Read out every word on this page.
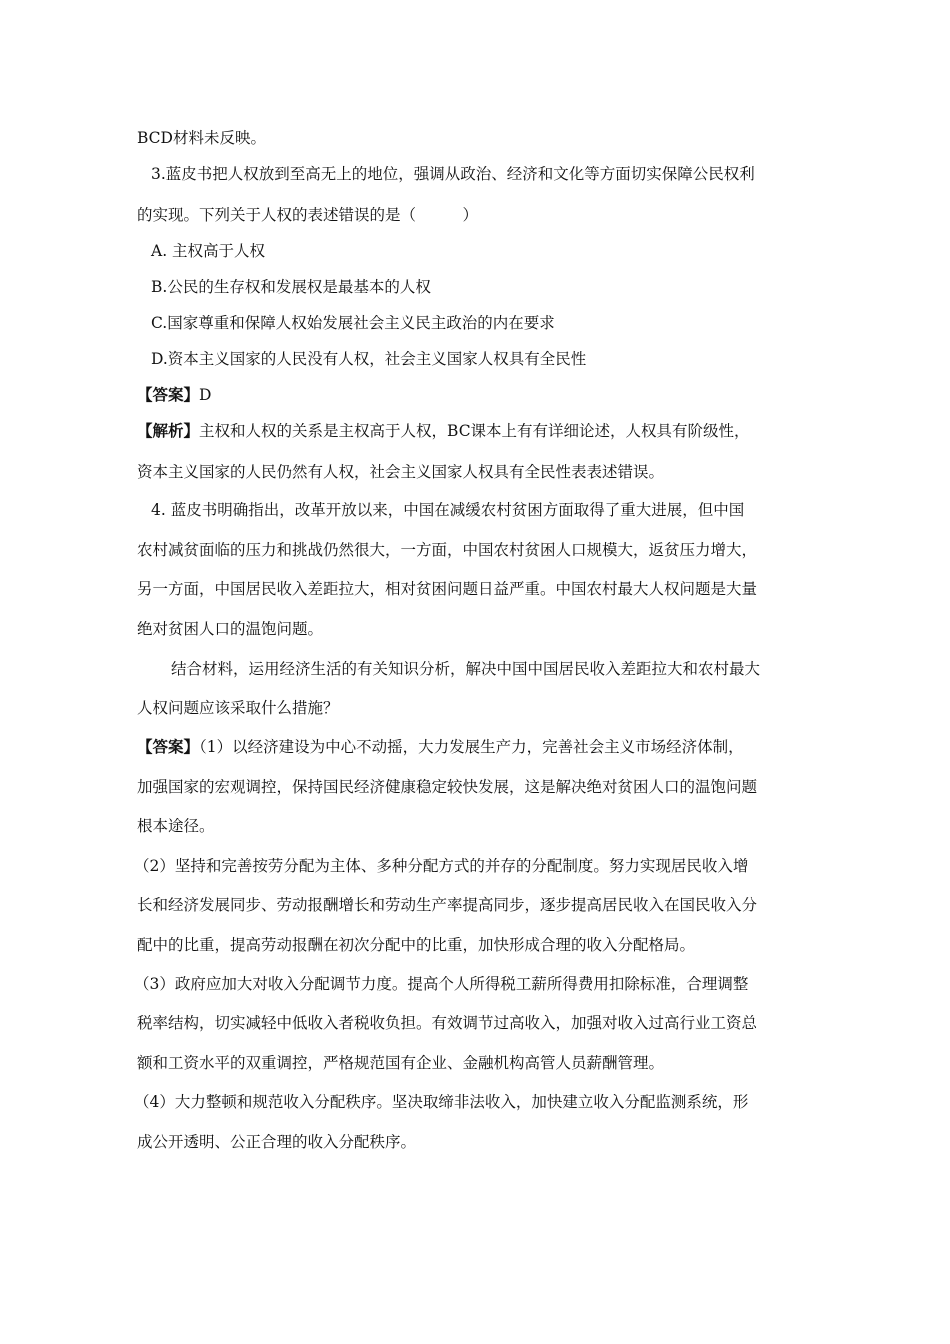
BCD材料未反映。
3.蓝皮书把人权放到至高无上的地位，强调从政治、经济和文化等方面切实保障公民权利
的实现。下列关于人权的表述错误的是（　　　）
A. 主权高于人权
B.公民的生存权和发展权是最基本的人权
C.国家尊重和保障人权始发展社会主义民主政治的内在要求
D.资本主义国家的人民没有人权，社会主义国家人权具有全民性
【答案】D
【解析】主权和人权的关系是主权高于人权，BC课本上有有详细论述，人权具有阶级性，
资本主义国家的人民仍然有人权，社会主义国家人权具有全民性表表述错误。
4. 蓝皮书明确指出，改革开放以来，中国在减缓农村贫困方面取得了重大进展，但中国
农村减贫面临的压力和挑战仍然很大，一方面，中国农村贫困人口规模大，返贫压力增大，
另一方面，中国居民收入差距拉大，相对贫困问题日益严重。中国农村最大人权问题是大量
绝对贫困人口的温饱问题。
结合材料，运用经济生活的有关知识分析，解决中国中国居民收入差距拉大和农村最大
人权问题应该采取什么措施？
【答案】（1）以经济建设为中心不动摇，大力发展生产力，完善社会主义市场经济体制，
加强国家的宏观调控，保持国民经济健康稳定较快发展，这是解决绝对贫困人口的温饱问题
根本途径。
（2）坚持和完善按劳分配为主体、多种分配方式的并存的分配制度。努力实现居民收入增
长和经济发展同步、劳动报酬增长和劳动生产率提高同步，逐步提高居民收入在国民收入分
配中的比重，提高劳动报酬在初次分配中的比重，加快形成合理的收入分配格局。
（3）政府应加大对收入分配调节力度。提高个人所得税工薪所得费用扣除标准，合理调整
税率结构，切实减轻中低收入者税收负担。有效调节过高收入，加强对收入过高行业工资总
额和工资水平的双重调控，严格规范国有企业、金融机构高管人员薪酬管理。
（4）大力整顿和规范收入分配秩序。坚决取缔非法收入，加快建立收入分配监测系统，形
成公开透明、公正合理的收入分配秩序。
